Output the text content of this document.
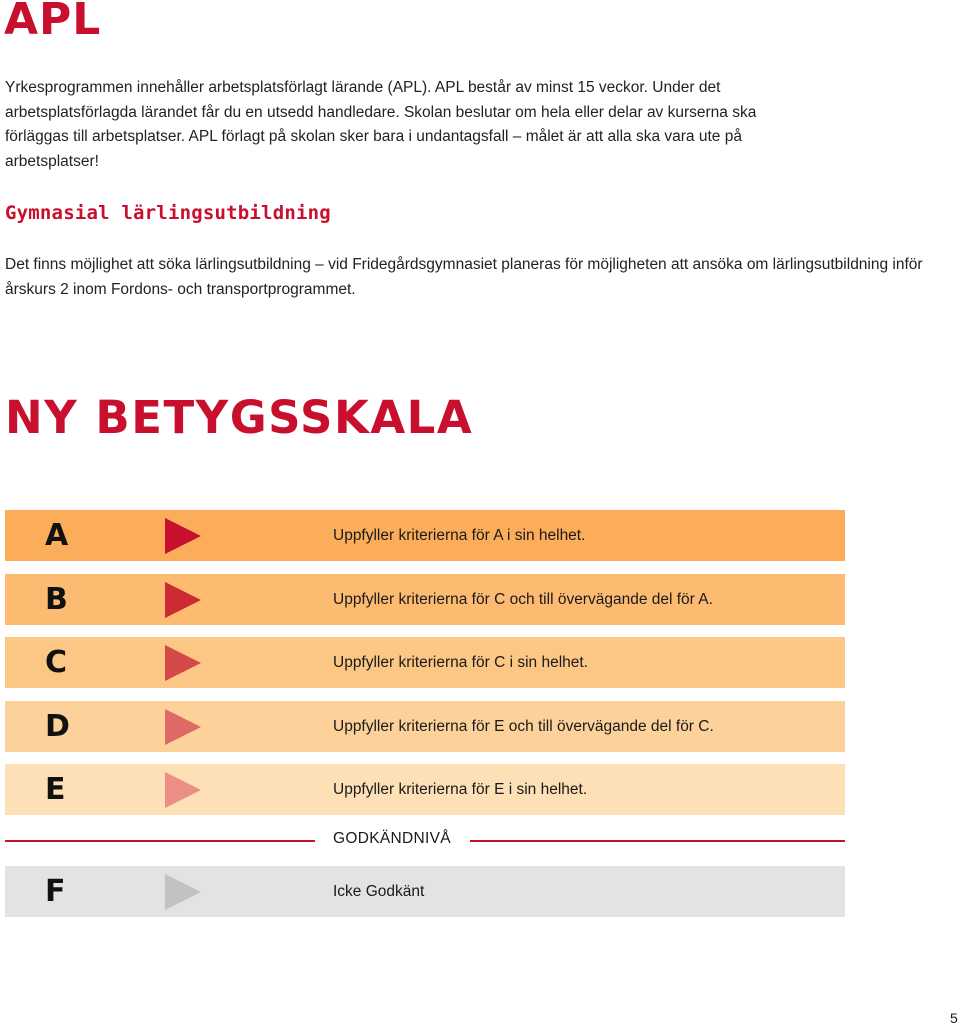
APL

Yrkesprogrammen innehåller arbetsplatsförlagt lärande (APL). APL består av minst 15 veckor. Under det arbetsplatsförlagda lärandet får du en utsedd handledare. Skolan beslutar om hela eller delar av kurserna ska förläggas till arbetsplatser. APL förlagt på skolan sker bara i undantagsfall – målet är att alla ska vara ute på arbetsplatser!

Gymnasial lärlingsutbildning

Det finns möjlighet att söka lärlingsutbildning – vid Fridegårdsgymnasiet planeras för möjligheten att ansöka om lärlingsutbildning inför årskurs 2 inom Fordons- och transportprogrammet.

NY BETYGSSKALA
A	Uppfyller kriterierna för A i sin helhet.
B	Uppfyller kriterierna för C och till övervägande del för A.
C	Uppfyller kriterierna för C i sin helhet.
D	Uppfyller kriterierna för E och till övervägande del för C.
E	Uppfyller kriterierna för E i sin helhet.
GODKÄNDNIVÅ
F	Icke Godkänt
5
